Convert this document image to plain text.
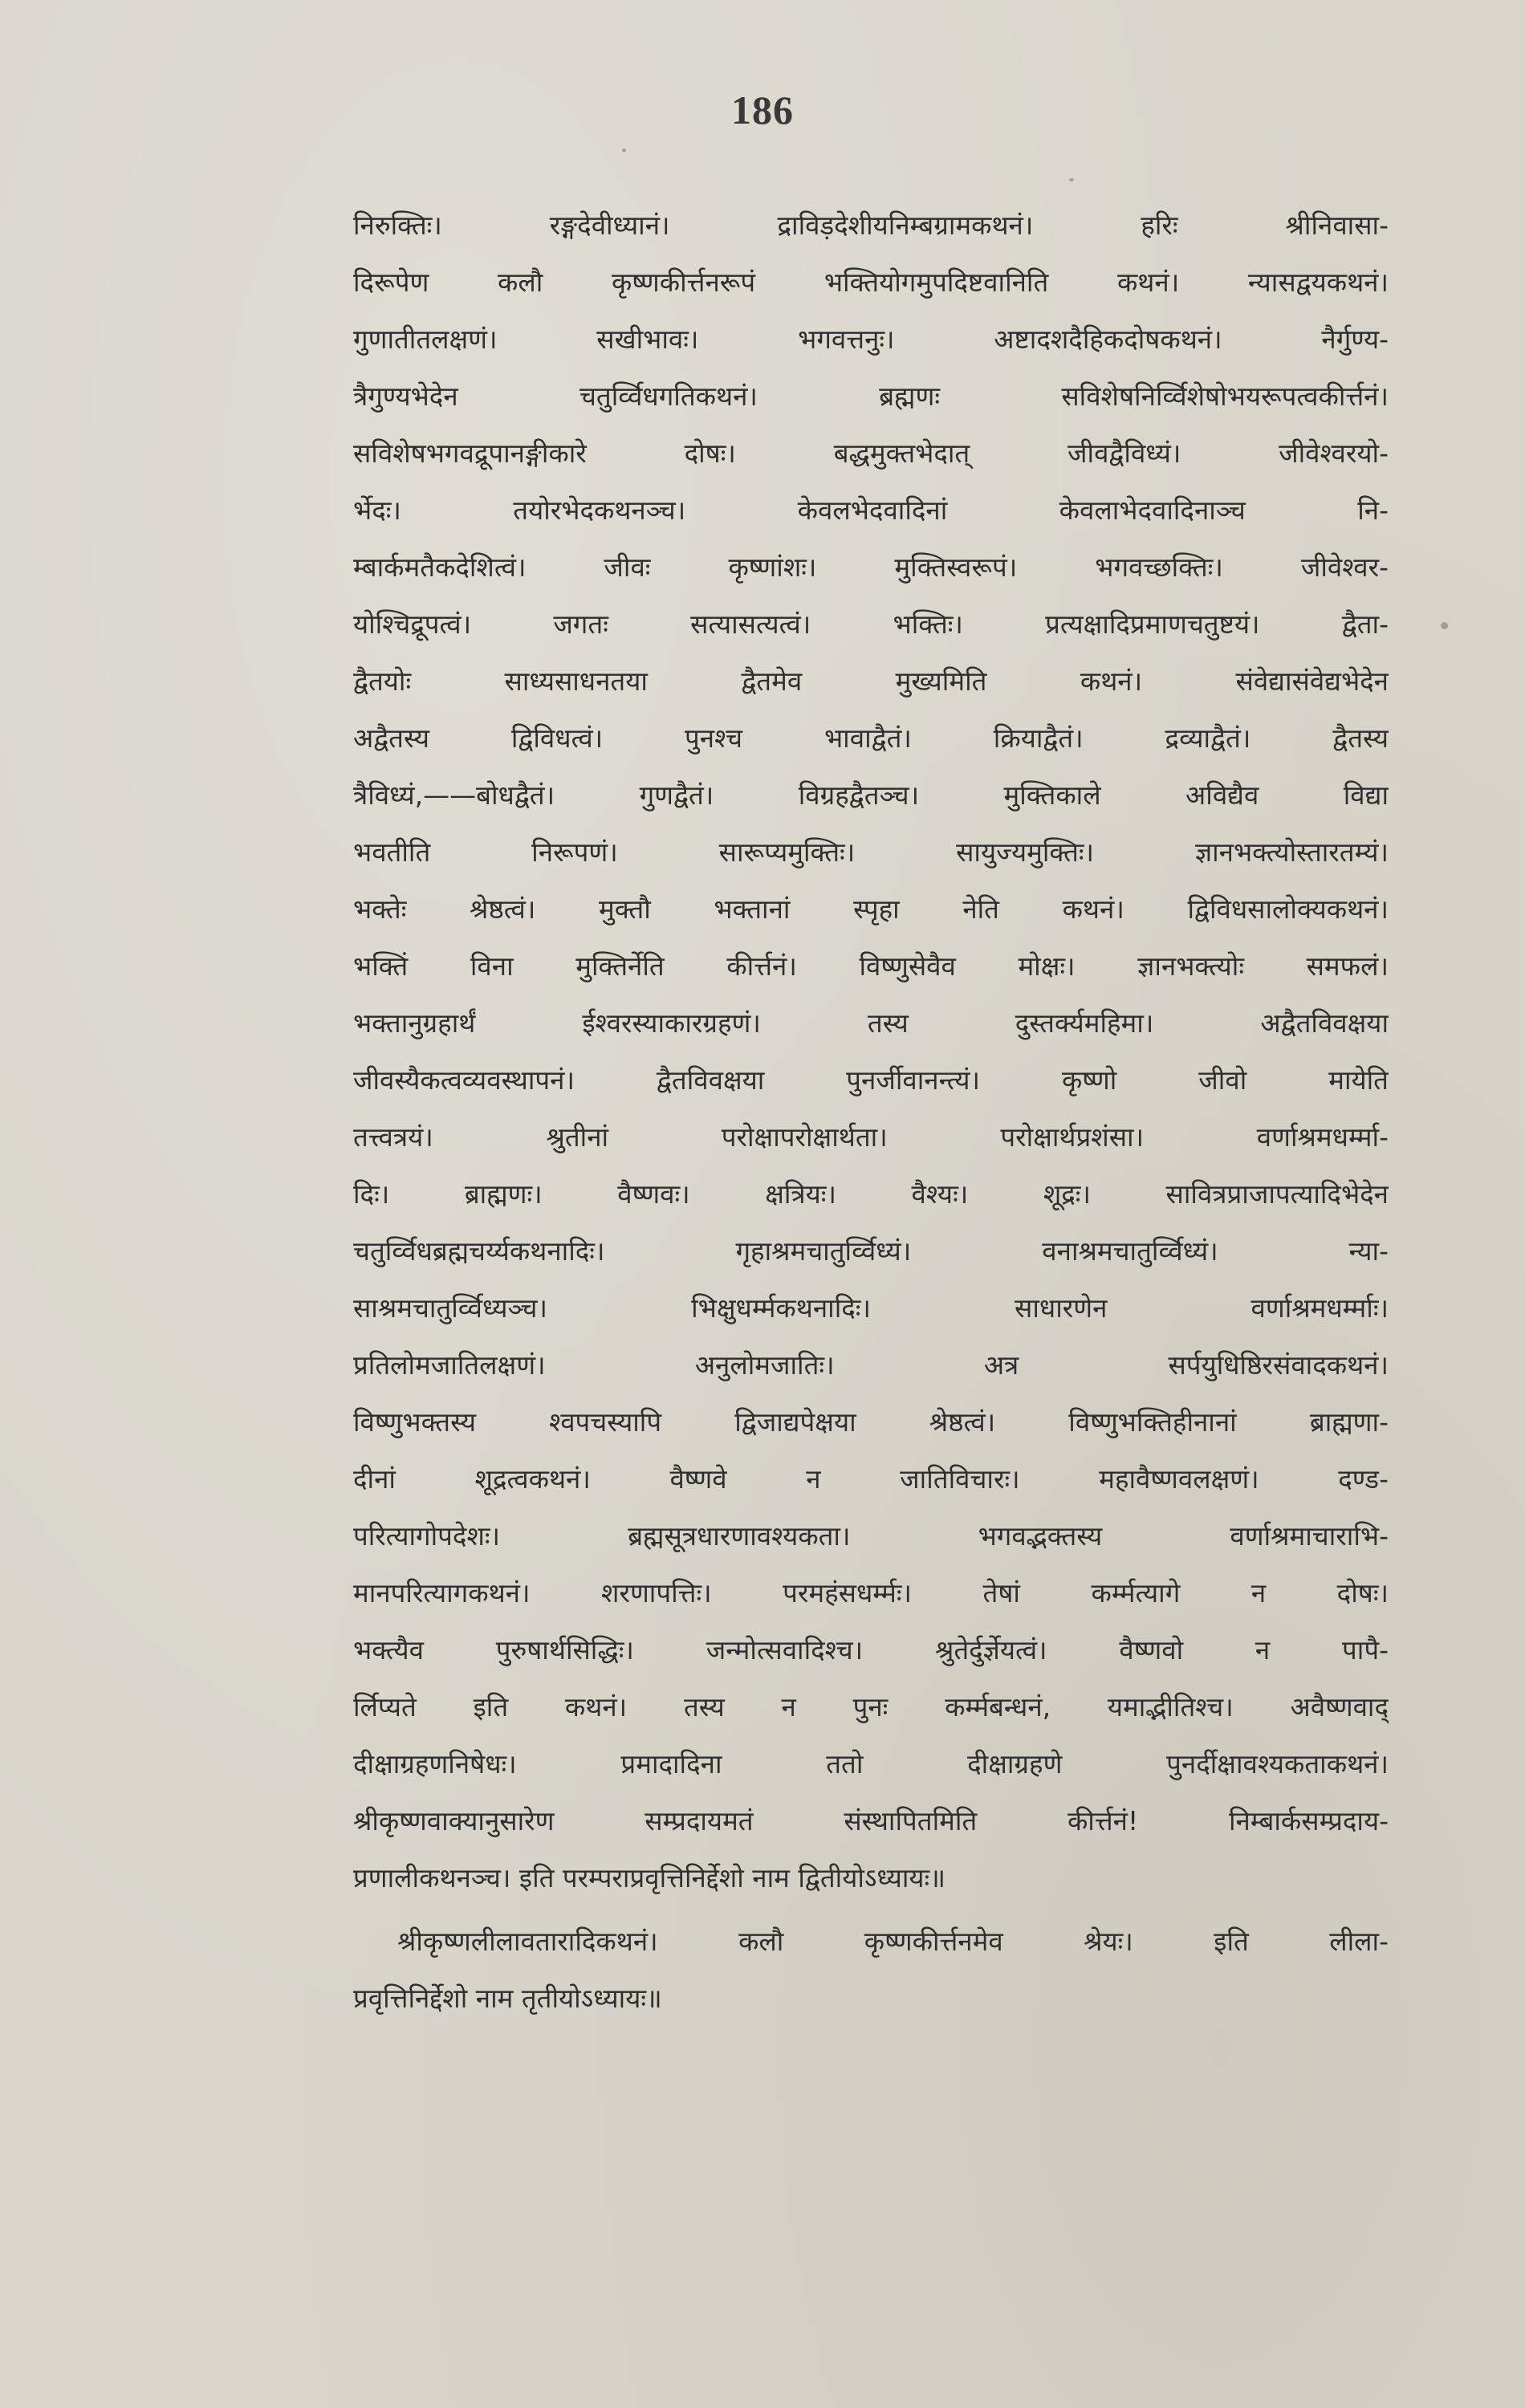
186
निरुक्तिः। रङ्गदेवीध्यानं। द्राविड़देशीयनिम्बग्रामकथनं। हरिः श्रीनिवासा-
दिरूपेण कलौ कृष्णकीर्त्तनरूपं भक्तियोगमुपदिष्टवानिति कथनं। न्यासद्वयकथनं।
गुणातीतलक्षणं। सखीभावः। भगवत्तनुः। अष्टादशदैहिकदोषकथनं। नैर्गुण्य-
त्रैगुण्यभेदेन चतुर्व्विधगतिकथनं। ब्रह्मणः सविशेषनिर्व्विशेषोभयरूपत्वकीर्त्तनं।
सविशेषभगवद्रूपानङ्गीकारे दोषः। बद्धमुक्तभेदात् जीवद्वैविध्यं। जीवेश्वरयो-
र्भेदः। तयोरभेदकथनञ्च। केवलभेदवादिनां केवलाभेदवादिनाञ्च नि-
म्बार्कमतैकदेशित्वं। जीवः कृष्णांशः। मुक्तिस्वरूपं। भगवच्छक्तिः। जीवेश्वर-
योश्चिद्रूपत्वं। जगतः सत्यासत्यत्वं। भक्तिः। प्रत्यक्षादिप्रमाणचतुष्टयं। द्वैता-
द्वैतयोः साध्यसाधनतया द्वैतमेव मुख्यमिति कथनं। संवेद्यासंवेद्यभेदेन
अद्वैतस्य द्विविधत्वं। पुनश्च भावाद्वैतं। क्रियाद्वैतं। द्रव्याद्वैतं। द्वैतस्य
त्रैविध्यं,——बोधद्वैतं। गुणद्वैतं। विग्रहद्वैतञ्च। मुक्तिकाले अविद्यैव विद्या
भवतीति निरूपणं। सारूप्यमुक्तिः। सायुज्यमुक्तिः। ज्ञानभक्त्योस्तारतम्यं।
भक्तेः श्रेष्ठत्वं। मुक्तौ भक्तानां स्पृहा नेति कथनं। द्विविधसालोक्यकथनं।
भक्तिं विना मुक्तिर्नेति कीर्त्तनं। विष्णुसेवैव मोक्षः। ज्ञानभक्त्योः समफलं।
भक्तानुग्रहार्थं ईश्वरस्याकारग्रहणं। तस्य दुस्तर्क्यमहिमा। अद्वैतविवक्षया
जीवस्यैकत्वव्यवस्थापनं। द्वैतविवक्षया पुनर्जीवानन्त्यं। कृष्णो जीवो मायेति
तत्त्वत्रयं। श्रुतीनां परोक्षापरोक्षार्थता। परोक्षार्थप्रशंसा। वर्णाश्रमधर्म्मा-
दिः। ब्राह्मणः। वैष्णवः। क्षत्रियः। वैश्यः। शूद्रः। सावित्रप्राजापत्यादिभेदेन
चतुर्व्विधब्रह्मचर्य्यकथनादिः। गृहाश्रमचातुर्व्विध्यं। वनाश्रमचातुर्व्विध्यं। न्या-
साश्रमचातुर्व्विध्यञ्च। भिक्षुधर्म्मकथनादिः। साधारणेन वर्णाश्रमधर्म्माः।
प्रतिलोमजातिलक्षणं। अनुलोमजातिः। अत्र सर्पयुधिष्ठिरसंवादकथनं।
विष्णुभक्तस्य श्वपचस्यापि द्विजाद्यपेक्षया श्रेष्ठत्वं। विष्णुभक्तिहीनानां ब्राह्मणा-
दीनां शूद्रत्वकथनं। वैष्णवे न जातिविचारः। महावैष्णवलक्षणं। दण्ड-
परित्यागोपदेशः। ब्रह्मसूत्रधारणावश्यकता। भगवद्भक्तस्य वर्णाश्रमाचाराभि-
मानपरित्यागकथनं। शरणापत्तिः। परमहंसधर्म्मः। तेषां कर्म्मत्यागे न दोषः।
भक्त्यैव पुरुषार्थसिद्धिः। जन्मोत्सवादिश्च। श्रुतेर्दुर्ज्ञेयत्वं। वैष्णवो न पापै-
र्लिप्यते इति कथनं। तस्य न पुनः कर्म्मबन्धनं, यमाद्भीतिश्च। अवैष्णवाद्
दीक्षाग्रहणनिषेधः। प्रमादादिना ततो दीक्षाग्रहणे पुनर्दीक्षावश्यकताकथनं।
श्रीकृष्णवाक्यानुसारेण सम्प्रदायमतं संस्थापितमिति कीर्त्तनं! निम्बार्कसम्प्रदाय-
प्रणालीकथनञ्च। इति परम्पराप्रवृत्तिनिर्द्देशो नाम द्वितीयोऽध्यायः॥
श्रीकृष्णलीलावतारादिकथनं। कलौ कृष्णकीर्त्तनमेव श्रेयः। इति लीला-
प्रवृत्तिनिर्द्देशो नाम तृतीयोऽध्यायः॥
